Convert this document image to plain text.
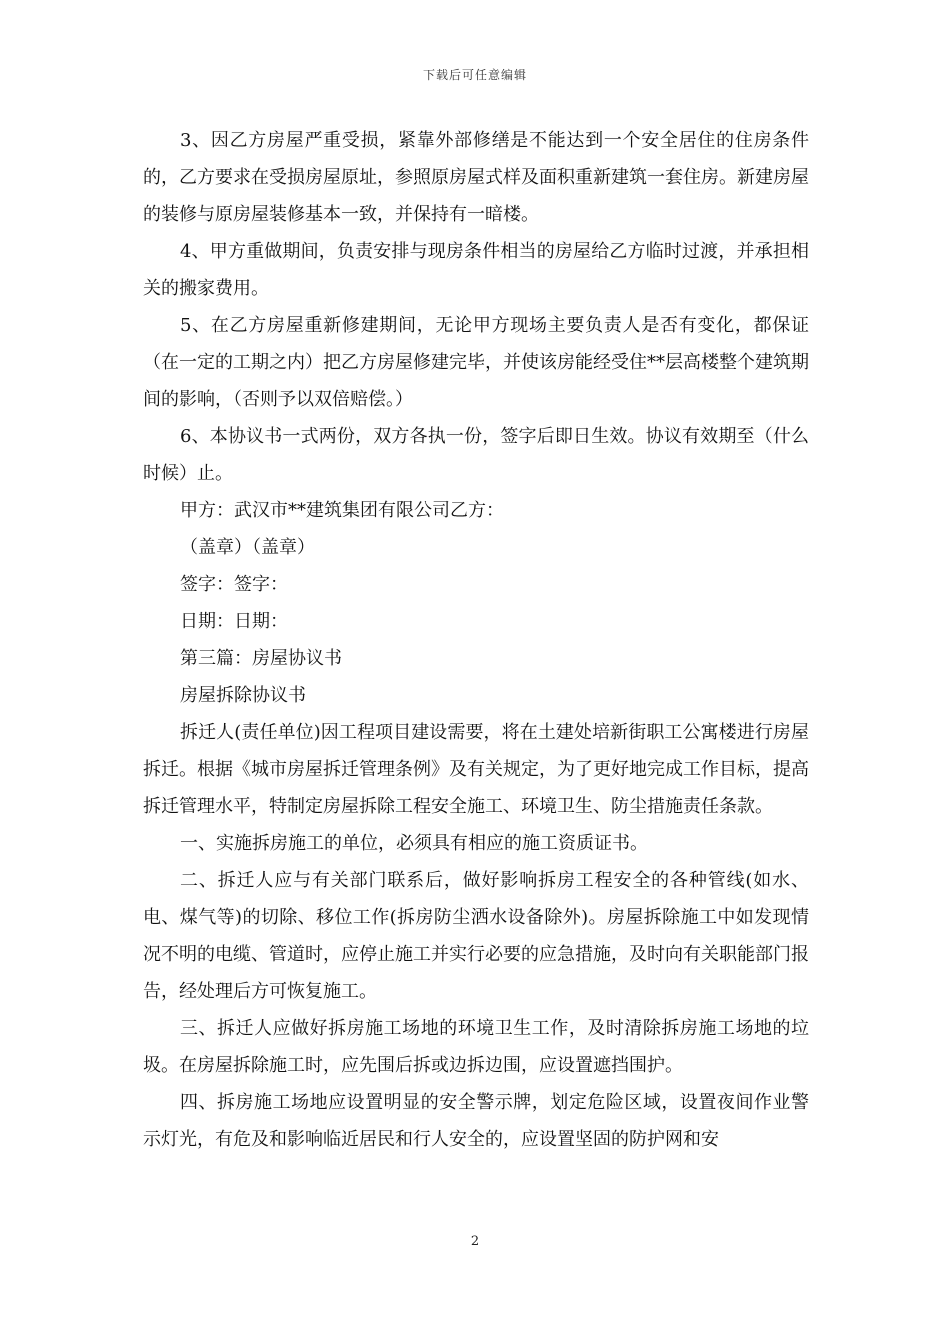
下载后可任意编辑

3、因乙方房屋严重受损，紧靠外部修缮是不能达到一个安全居住的住房条件的，乙方要求在受损房屋原址，参照原房屋式样及面积重新建筑一套住房。新建房屋的装修与原房屋装修基本一致，并保持有一暗楼。

4、甲方重做期间，负责安排与现房条件相当的房屋给乙方临时过渡，并承担相关的搬家费用。

5、在乙方房屋重新修建期间，无论甲方现场主要负责人是否有变化，都保证（在一定的工期之内）把乙方房屋修建完毕，并使该房能经受住**层高楼整个建筑期间的影响，（否则予以双倍赔偿。）

6、本协议书一式两份，双方各执一份，签字后即日生效。协议有效期至（什么时候）止。

甲方：武汉市**建筑集团有限公司乙方：

（盖章）（盖章）

签字：签字：

日期：日期：

第三篇：房屋协议书

房屋拆除协议书

拆迁人(责任单位)因工程项目建设需要，将在土建处培新街职工公寓楼进行房屋拆迁。根据《城市房屋拆迁管理条例》及有关规定，为了更好地完成工作目标，提高拆迁管理水平，特制定房屋拆除工程安全施工、环境卫生、防尘措施责任条款。

一、实施拆房施工的单位，必须具有相应的施工资质证书。

二、拆迁人应与有关部门联系后，做好影响拆房工程安全的各种管线(如水、电、煤气等)的切除、移位工作(拆房防尘洒水设备除外)。房屋拆除施工中如发现情况不明的电缆、管道时，应停止施工并实行必要的应急措施，及时向有关职能部门报告，经处理后方可恢复施工。

三、拆迁人应做好拆房施工场地的环境卫生工作，及时清除拆房施工场地的垃圾。在房屋拆除施工时，应先围后拆或边拆边围，应设置遮挡围护。

四、拆房施工场地应设置明显的安全警示牌，划定危险区域，设置夜间作业警示灯光，有危及和影响临近居民和行人安全的，应设置坚固的防护网和安

2
